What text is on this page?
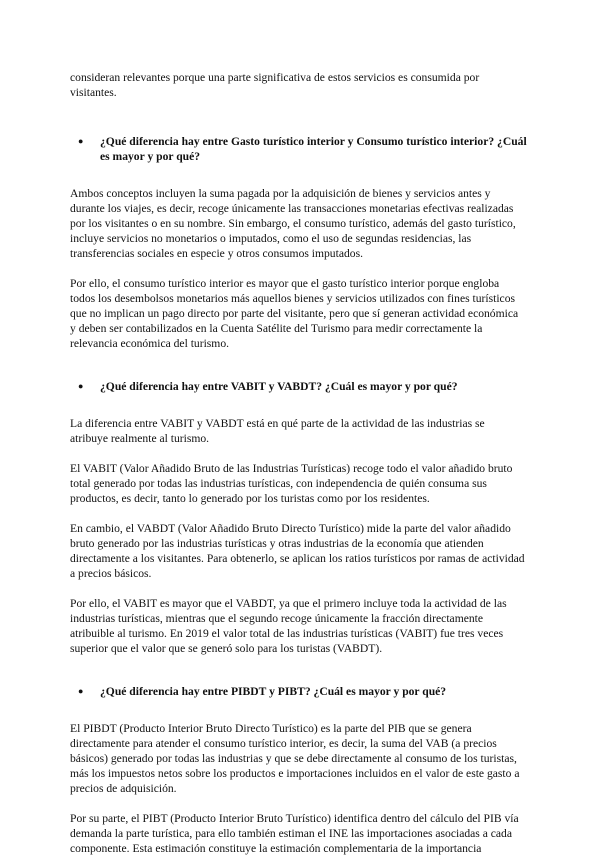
consideran relevantes porque una parte significativa de estos servicios es consumida por visitantes.

●	¿Qué diferencia hay entre Gasto turístico interior y Consumo turístico interior? ¿Cuál es mayor y por qué?

Ambos conceptos incluyen la suma pagada por la adquisición de bienes y servicios antes y durante los viajes, es decir, recoge únicamente las transacciones monetarias efectivas realizadas por los visitantes o en su nombre. Sin embargo, el consumo turístico, además del gasto turístico, incluye servicios no monetarios o imputados, como el uso de segundas residencias, las transferencias sociales en especie y otros consumos imputados.

Por ello, el consumo turístico interior es mayor que el gasto turístico interior porque engloba todos los desembolsos monetarios más aquellos bienes y servicios utilizados con fines turísticos que no implican un pago directo por parte del visitante, pero que sí generan actividad económica y deben ser contabilizados en la Cuenta Satélite del Turismo para medir correctamente la relevancia económica del turismo.

●	¿Qué diferencia hay entre VABIT y VABDT? ¿Cuál es mayor y por qué?

La diferencia entre VABIT y VABDT está en qué parte de la actividad de las industrias se atribuye realmente al turismo.

El VABIT (Valor Añadido Bruto de las Industrias Turísticas) recoge todo el valor añadido bruto total generado por todas las industrias turísticas, con independencia de quién consuma sus productos, es decir, tanto lo generado por los turistas como por los residentes.

En cambio, el VABDT (Valor Añadido Bruto Directo Turístico) mide la parte del valor añadido bruto generado por las industrias turísticas y otras industrias de la economía que atienden directamente a los visitantes. Para obtenerlo, se aplican los ratios turísticos por ramas de actividad a precios básicos.

Por ello, el VABIT es mayor que el VABDT, ya que el primero incluye toda la actividad de las industrias turísticas, mientras que el segundo recoge únicamente la fracción directamente atribuible al turismo. En 2019 el valor total de las industrias turísticas (VABIT) fue tres veces superior que el valor que se generó solo para los turistas (VABDT).

●	¿Qué diferencia hay entre PIBDT y PIBT? ¿Cuál es mayor y por qué?

El PIBDT (Producto Interior Bruto Directo Turístico) es la parte del PIB que se genera directamente para atender el consumo turístico interior, es decir, la suma del VAB (a precios básicos) generado por todas las industrias y que se debe directamente al consumo de los turistas, más los impuestos netos sobre los productos e importaciones incluidos en el valor de este gasto a precios de adquisición.

Por su parte, el PIBT (Producto Interior Bruto Turístico) identifica dentro del cálculo del PIB vía demanda la parte turística, para ello también estiman el INE las importaciones asociadas a cada componente. Esta estimación constituye la estimación complementaria de la importancia
